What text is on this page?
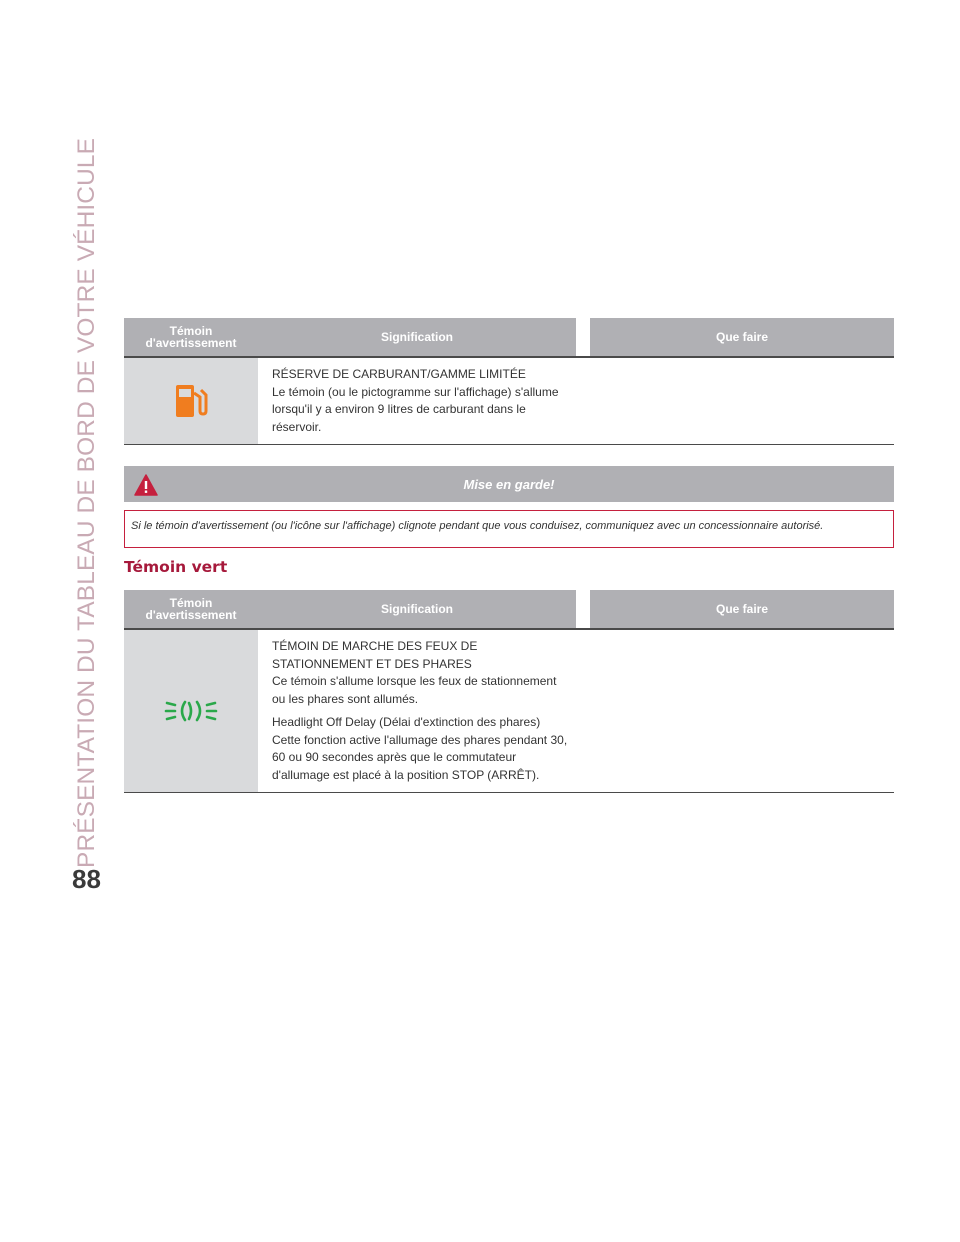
PRÉSENTATION DU TABLEAU DE BORD DE VOTRE VÉHICULE
88
Témoin
d'avertissement	Signification	Que faire
RÉSERVE DE CARBURANT/GAMME LIMITÉE
Le témoin (ou le pictogramme sur l'affichage) s'allume
lorsqu'il y a environ 9 litres de carburant dans le
réservoir.
Mise en garde!
Si le témoin d'avertissement (ou l'icône sur l'affichage) clignote pendant que vous conduisez, communiquez avec un concessionnaire autorisé.
Témoin vert
Témoin
d'avertissement	Signification	Que faire

TÉMOIN DE MARCHE DES FEUX DE
STATIONNEMENT ET DES PHARES
Ce témoin s'allume lorsque les feux de stationnement
ou les phares sont allumés.

Headlight Off Delay (Délai d'extinction des phares)
Cette fonction active l'allumage des phares pendant 30,
60 ou 90 secondes après que le commutateur
d'allumage est placé à la position STOP (ARRÊT).
